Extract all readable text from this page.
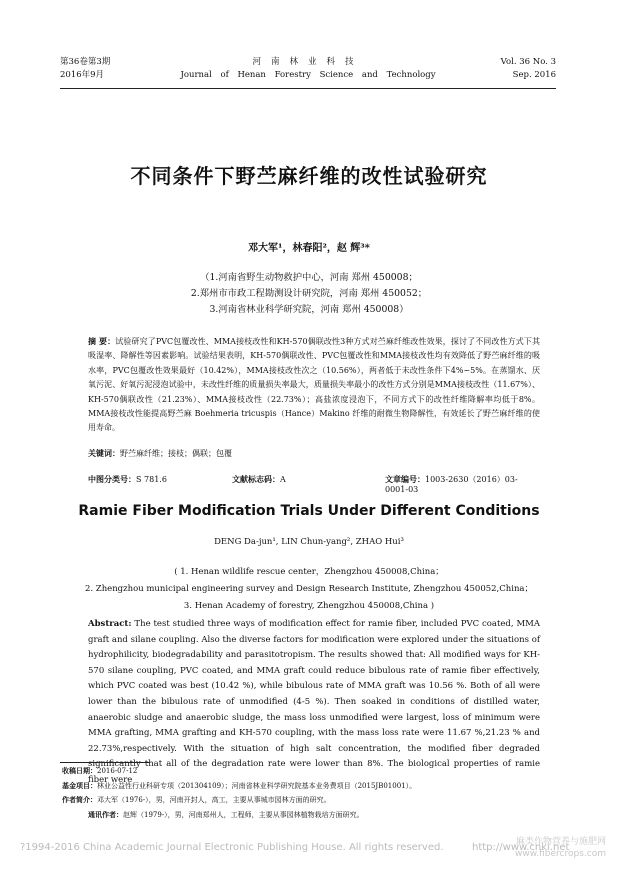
第36卷第3期
2016年9月
河南林业科技
Journal of Henan Forestry Science and Technology
Vol. 36 No. 3
Sep. 2016
不同条件下野苎麻纤维的改性试验研究
邓大军¹，林春阳²，赵 辉³*
（1.河南省野生动物救护中心，河南 郑州 450008；
2.郑州市市政工程勘测设计研究院，河南 郑州 450052；
3.河南省林业科学研究院，河南 郑州 450008）
摘 要：试验研究了PVC包覆改性、MMA接枝改性和KH-570偶联改性3种方式对苎麻纤维改性效果，探讨了不同改性方式下其吸湿率、降解性等因素影响。试验结果表明，KH-570偶联改性、PVC包覆改性和MMA接枝改性均有效降低了野苎麻纤维的吸水率，PVC包覆改性效果最好（10.42%），MMA接枝改性次之（10.56%），两者低于未改性条件下4%~5%。在蒸馏水、厌氧污泥、好氧污泥浸泡试验中，未改性纤维的质量损失率最大，质量损失率最小的改性方式分别是MMA接枝改性（11.67%）、KH-570偶联改性（21.23%）、MMA接枝改性（22.73%）；高盐浓度浸泡下，不同方式下的改性纤维降解率均低于8%。MMA接枝改性能提高野苎麻 Boehmeria tricuspis（Hance）Makino 纤维的耐微生物降解性，有效延长了野苎麻纤维的使用寿命。
关键词：野苎麻纤维；接枝；偶联；包覆
中图分类号：S 781.6	文献标志码：A	文章编号：1003-2630（2016）03-0001-03
Ramie Fiber Modification Trials Under Different Conditions
DENG Da-jun¹, LIN Chun-yang², ZHAO Hui³
( 1. Henan wildlife rescue center，Zhengzhou 450008,China；
2. Zhengzhou municipal engineering survey and Design Research Institute, Zhengzhou 450052,China；
3. Henan Academy of forestry, Zhengzhou 450008,China )
Abstract: The test studied three ways of modification effect for ramie fiber, included PVC coated, MMA graft and silane coupling. Also the diverse factors for modification were explored under the situations of hydrophilicity, biodegradability and parasitotropism. The results showed that: All modified ways for KH-570 silane coupling, PVC coated, and MMA graft could reduce bibulous rate of ramie fiber effectively, which PVC coated was best (10.42 %), while bibulous rate of MMA graft was 10.56 %. Both of all were lower than the bibulous rate of unmodified (4-5 %). Then soaked in conditions of distilled water, anaerobic sludge and anaerobic sludge, the mass loss unmodified were largest, loss of minimum were MMA grafting, MMA grafting and KH-570 coupling, with the mass loss rate were 11.67 %,21.23 % and 22.73%,respectively. With the situation of high salt concentration, the modified fiber degraded significantly that all of the degradation rate were lower than 8%. The biological properties of ramie fiber were
收稿日期：2016-07-12
基金项目：林业公益性行业科研专项（201304109）；河南省林业科学研究院基本业务费项目（2015JB01001）。
作者简介：邓大军（1976-），男，河南开封人，高工，主要从事城市园林方面的研究。
通讯作者：赵辉（1979-），男，河南郑州人，工程师，主要从事园林植物栽培方面研究。
?1994-2016 China Academic Journal Electronic Publishing House. All rights reserved.	http://www.cnki.net
麻类作物营养与施肥网
www.fibercrops.com
